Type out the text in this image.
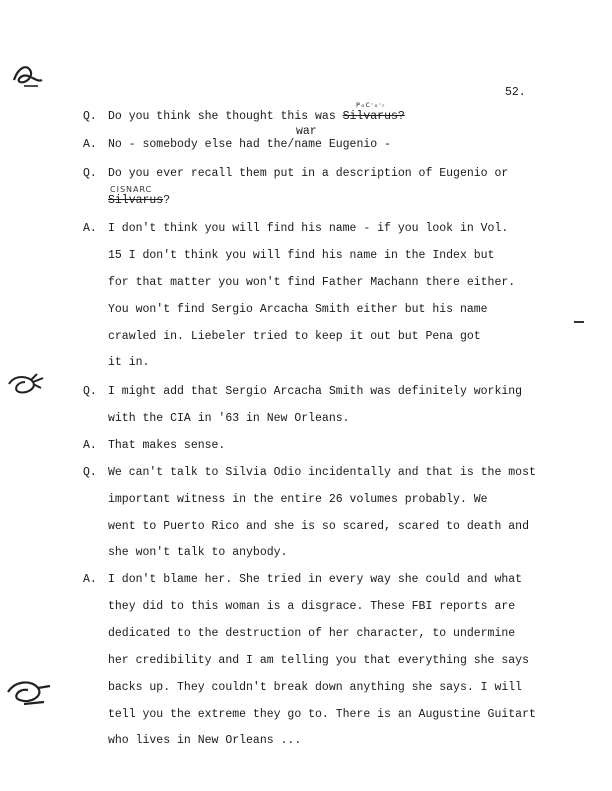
52.
ᴘₒᴄ·ₒ·ᵣ
Q. Do you think she thought this was Silvarus?
war
A. No - somebody else had the/name Eugenio -
Q. Do you ever recall them put in a description of Eugenio or
CISNARC
Silvarus?
A. I don't think you will find his name - if you look in Vol.
15 I don't think you will find his name in the Index but
for that matter you won't find Father Machann there either.
You won't find Sergio Arcacha Smith either but his name
crawled in. Liebeler tried to keep it out but Pena got
it in.
Q. I might add that Sergio Arcacha Smith was definitely working
with the CIA in '63 in New Orleans.
A. That makes sense.
Q. We can't talk to Silvia Odio incidentally and that is the most
important witness in the entire 26 volumes probably. We
went to Puerto Rico and she is so scared, scared to death and
she won't talk to anybody.
A. I don't blame her. She tried in every way she could and what
they did to this woman is a disgrace. These FBI reports are
dedicated to the destruction of her character, to undermine
her credibility and I am telling you that everything she says
backs up. They couldn't break down anything she says. I will
tell you the extreme they go to. There is an Augustine Guitart
who lives in New Orleans ...
